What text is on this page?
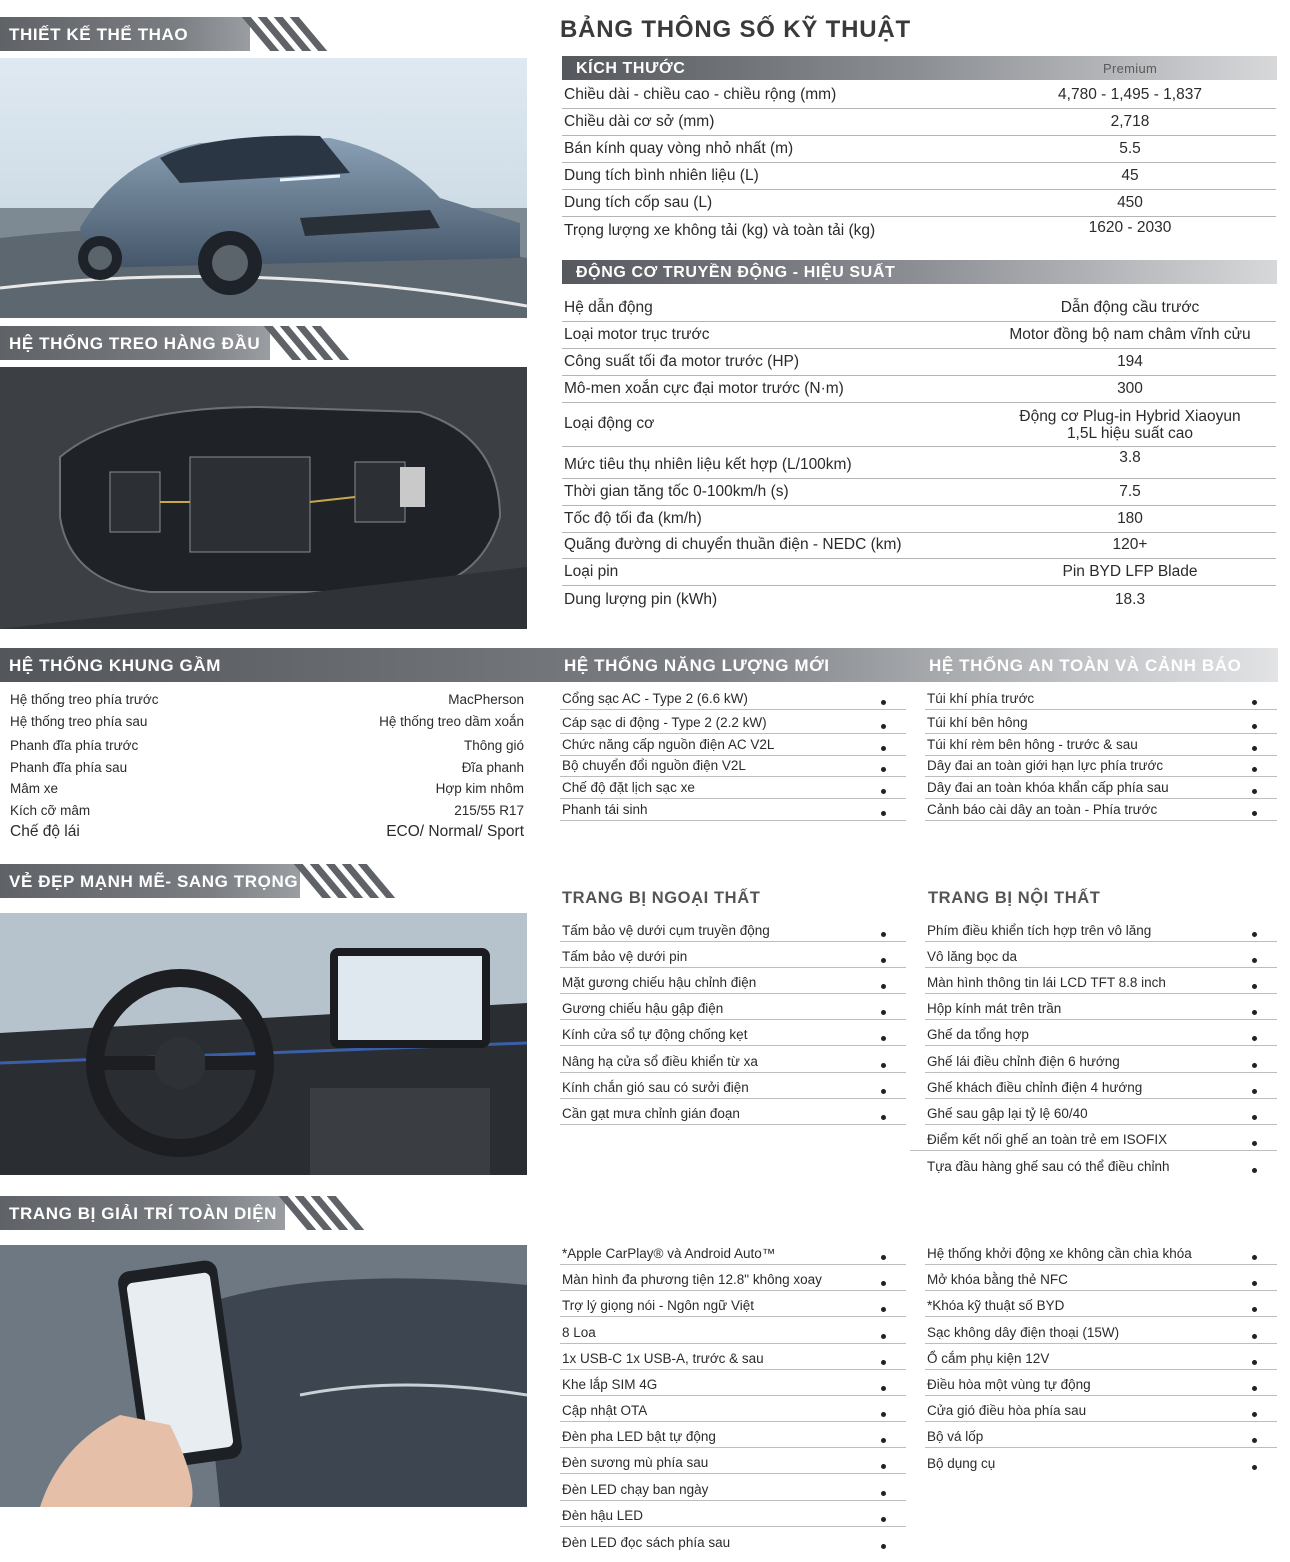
THIẾT KẾ THỂ THAO
HỆ THỐNG TREO HÀNG ĐẦU
VẺ ĐẸP MẠNH MẼ- SANG TRỌNG
TRANG BỊ GIẢI TRÍ TOÀN DIỆN
BẢNG THÔNG SỐ KỸ THUẬT
KÍCH THƯỚC	Premium
Chiều dài - chiều cao - chiều rộng (mm)	4,780 - 1,495 - 1,837
Chiều dài cơ sở (mm)	2,718
Bán kính quay vòng nhỏ nhất (m)	5.5
Dung tích bình nhiên liệu (L)	45
Dung tích cốp sau (L)	450
Trọng lượng xe không tải (kg) và toàn tải (kg)	1620 - 2030
ĐỘNG CƠ TRUYỀN ĐỘNG - HIỆU SUẤT
Hệ dẫn động	Dẫn động cầu trước
Loại motor trục trước	Motor đồng bộ nam châm vĩnh cửu
Công suất tối đa motor trước (HP)	194
Mô-men xoắn cực đại motor trước (N·m)	300
Loại động cơ	Động cơ Plug-in Hybrid Xiaoyun
1,5L hiệu suất cao
Mức tiêu thụ nhiên liệu kết hợp (L/100km)	3.8
Thời gian tăng tốc 0-100km/h (s)	7.5
Tốc độ tối đa (km/h)	180
Quãng đường di chuyển thuần điện - NEDC (km)	120+
Loại pin	Pin BYD LFP Blade
Dung lượng pin (kWh)	18.3
HỆ THỐNG KHUNG GẦM	HỆ THỐNG NĂNG LƯỢNG MỚI	HỆ THỐNG AN TOÀN VÀ CẢNH BÁO
Hệ thống treo phía trước	MacPherson
Hệ thống treo phía sau	Hệ thống treo dầm xoắn
Phanh đĩa phía trước	Thông gió
Phanh đĩa phía sau	Đĩa phanh
Mâm xe	Hợp kim nhôm
Kích cỡ mâm	215/55 R17
Chế độ lái	ECO/ Normal/ Sport
Cổng sạc AC - Type 2 (6.6 kW)
Cáp sạc di động - Type 2 (2.2 kW)
Chức năng cấp nguồn điện AC V2L
Bộ chuyển đổi nguồn điện V2L
Chế độ đặt lịch sạc xe
Phanh tái sinh
Túi khí phía trước
Túi khí bên hông
Túi khí rèm bên hông - trước & sau
Dây đai an toàn giới hạn lực phía trước
Dây đai an toàn khóa khẩn cấp phía sau
Cảnh báo cài dây an toàn - Phía trước
TRANG BỊ NGOẠI THẤT
Tấm bảo vệ dưới cụm truyền động
Tấm bảo vệ dưới pin
Mặt gương chiếu hậu chỉnh điện
Gương chiếu hậu gập điện
Kính cửa sổ tự động chống kẹt
Nâng hạ cửa sổ điều khiển từ xa
Kính chắn gió sau có sưởi điện
Cần gạt mưa chỉnh gián đoạn
TRANG BỊ NỘI THẤT
Phím điều khiển tích hợp trên vô lăng
Vô lăng bọc da
Màn hình thông tin lái LCD TFT 8.8 inch
Hộp kính mát trên trần
Ghế da tổng hợp
Ghế lái điều chỉnh điện 6 hướng
Ghế khách điều chỉnh điện 4 hướng
Ghế sau gập lại tỷ lệ 60/40
Điểm kết nối ghế an toàn trẻ em ISOFIX
Tựa đầu hàng ghế sau có thể điều chỉnh
*Apple CarPlay® và Android Auto™
Màn hình đa phương tiện 12.8" không xoay
Trợ lý giọng nói - Ngôn ngữ Việt
8 Loa
1x USB-C 1x USB-A, trước & sau
Khe lắp SIM 4G
Cập nhật OTA
Đèn pha LED bật tự động
Đèn sương mù phía sau
Đèn LED chạy ban ngày
Đèn hậu LED
Đèn LED đọc sách phía sau
Hệ thống khởi động xe không cần chìa khóa
Mở khóa bằng thẻ NFC
*Khóa kỹ thuật số BYD
Sạc không dây điện thoại (15W)
Ổ cắm phụ kiện 12V
Điều hòa một vùng tự động
Cửa gió điều hòa phía sau
Bộ vá lốp
Bộ dụng cụ
